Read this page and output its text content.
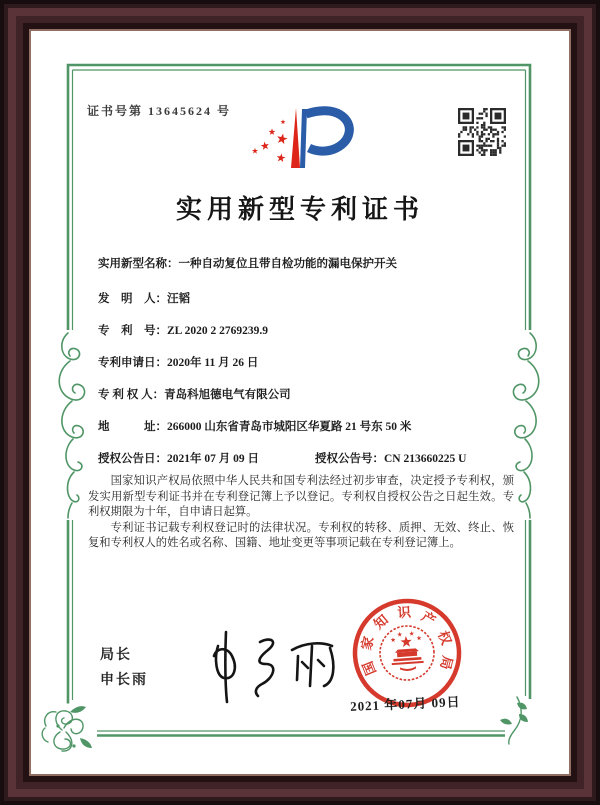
证书号第 13645624 号
实用新型专利证书
实用新型名称：一种自动复位且带自检功能的漏电保护开关
发　明　人：汪韬
专　利　号：ZL 2020 2 2769239.9
专利申请日：2020年 11 月 26 日
专 利 权 人：青岛科旭德电气有限公司
地　　　址：266000 山东省青岛市城阳区华夏路 21 号东 50 米
授权公告日：2021年 07 月 09 日	授权公告号：CN 213660225 U

国家知识产权局依照中华人民共和国专利法经过初步审查，决定授予专利权，颁发实用新型专利证书并在专利登记簿上予以登记。专利权自授权公告之日起生效。专利权期限为十年，自申请日起算。

专利证书记载专利权登记时的法律状况。专利权的转移、质押、无效、终止、恢复和专利权人的姓名或名称、国籍、地址变更等事项记载在专利登记簿上。

局长
申长雨
国
家
知 识 产
权
局
2021 年07月 09日
